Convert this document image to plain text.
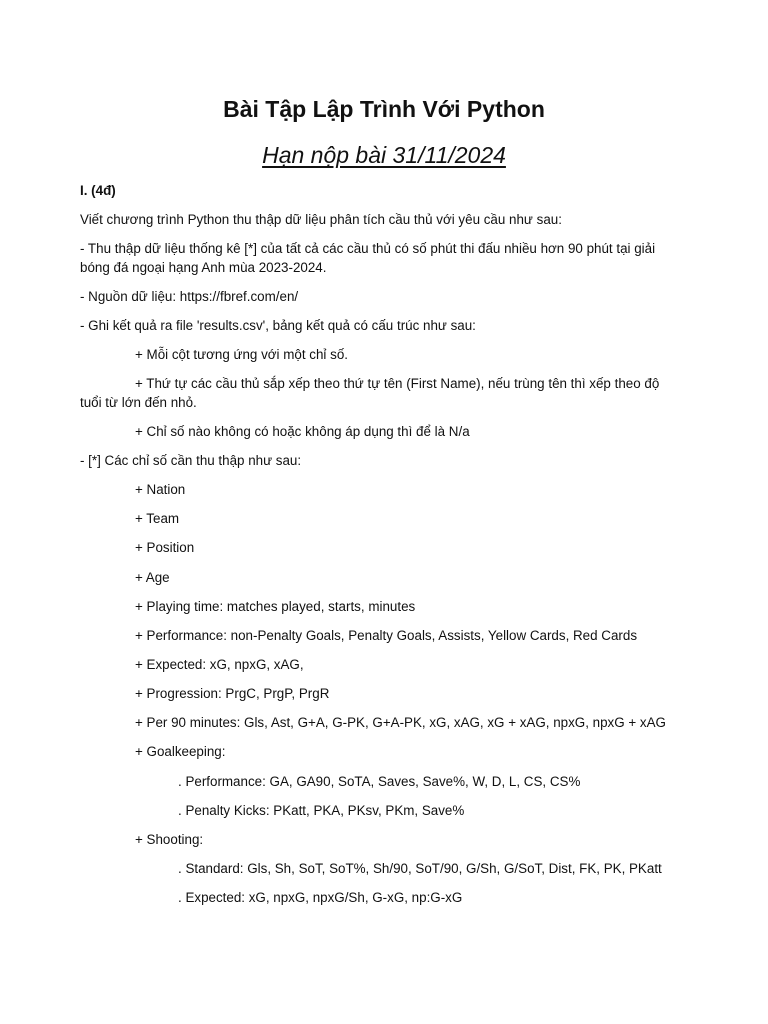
Bài Tập Lập Trình Với Python
Hạn nộp bài 31/11/2024
I. (4đ)
Viết chương trình Python thu thập dữ liệu phân tích cầu thủ với yêu cầu như sau:
- Thu thập dữ liệu thống kê [*] của tất cả các cầu thủ có số phút thi đấu nhiều hơn 90 phút tại giải bóng đá ngoại hạng Anh mùa 2023-2024.
- Nguồn dữ liệu: https://fbref.com/en/
- Ghi kết quả ra file 'results.csv', bảng kết quả có cấu trúc như sau:
+ Mỗi cột tương ứng với một chỉ số.
+ Thứ tự các cầu thủ sắp xếp theo thứ tự tên (First Name), nếu trùng tên thì xếp theo độ tuổi từ lớn đến nhỏ.
+ Chỉ số nào không có hoặc không áp dụng thì để là N/a
- [*] Các chỉ số cần thu thập như sau:
+ Nation
+ Team
+ Position
+ Age
+ Playing time: matches played, starts, minutes
+ Performance: non-Penalty Goals, Penalty Goals, Assists, Yellow Cards, Red Cards
+ Expected: xG, npxG, xAG,
+ Progression: PrgC, PrgP, PrgR
+ Per 90 minutes: Gls, Ast, G+A, G-PK, G+A-PK, xG, xAG, xG + xAG, npxG, npxG + xAG
+ Goalkeeping:
. Performance: GA, GA90, SoTA, Saves, Save%, W, D, L, CS, CS%
. Penalty Kicks: PKatt, PKA, PKsv, PKm, Save%
+ Shooting:
. Standard: Gls, Sh, SoT, SoT%, Sh/90, SoT/90, G/Sh, G/SoT, Dist, FK, PK, PKatt
. Expected: xG, npxG, npxG/Sh, G-xG, np:G-xG
